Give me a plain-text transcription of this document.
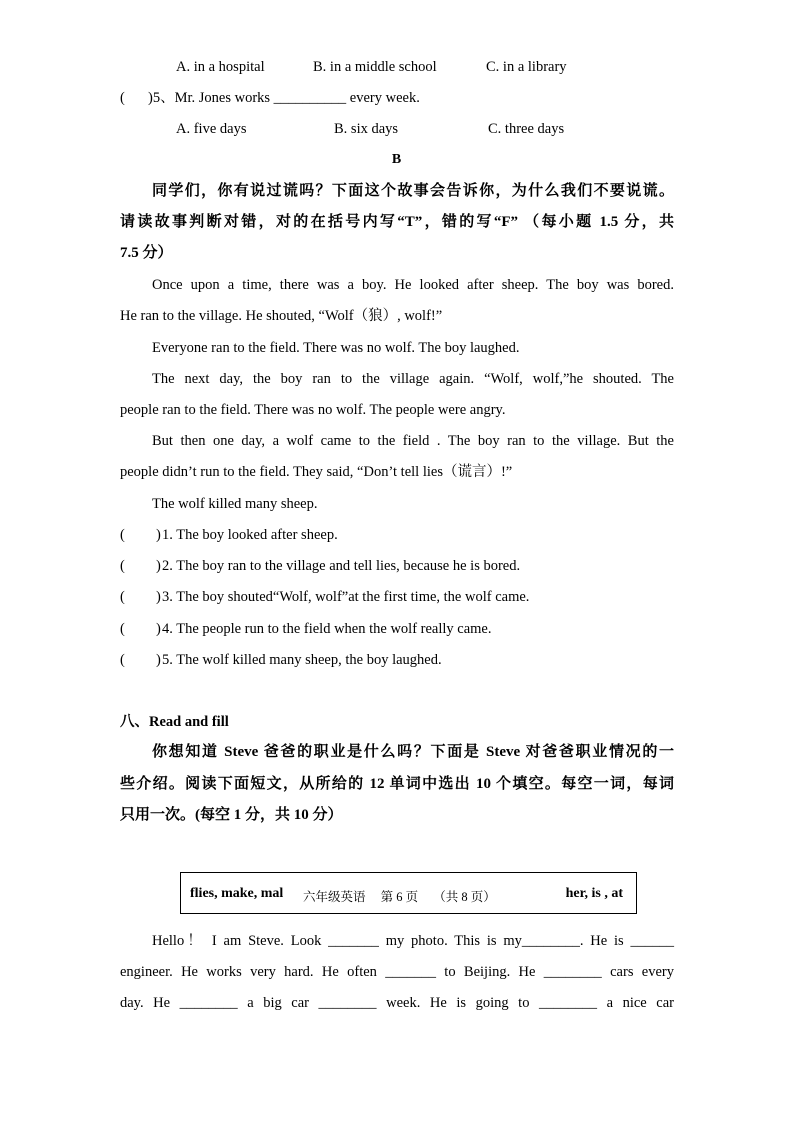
A. in a hospital	B. in a middle school	C. in a library
( )5、Mr. Jones works __________ every week.
A. five days	B. six days	C. three days
B
同学们，你有说过谎吗？下面这个故事会告诉你，为什么我们不要说谎。
请读故事判断对错，对的在括号内写“T”，错的写“F” （每小题 1.5 分，共
7.5 分）
Once upon a time, there was a boy. He looked after sheep. The boy was bored.
He ran to the village. He shouted, “Wolf（狼）, wolf!”
Everyone ran to the field. There was no wolf. The boy laughed.
The next day, the boy ran to the village again. “Wolf, wolf,”he shouted. The
people ran to the field. There was no wolf. The people were angry.
But then one day, a wolf came to the field . The boy ran to the village. But the
people didn’t run to the field. They said, “Don’t tell lies（谎言）!”
The wolf killed many sheep.
( ) 1. The boy looked after sheep.
( ) 2. The boy ran to the village and tell lies, because he is bored.
( ) 3. The boy shouted“Wolf, wolf”at the first time, the wolf came.
( ) 4. The people run to the field when the wolf really came.
( ) 5. The wolf killed many sheep, the boy laughed.
八、Read and fill
你想知道 Steve 爸爸的职业是什么吗？下面是 Steve 对爸爸职业情况的一
些介绍。阅读下面短文，从所给的 12 单词中选出 10 个填空。每空一词，每词
只用一次。(每空 1 分，共 10 分）
flies, make, mal	her, is , at
六年级英语 第 6 页 （共 8 页）
Hello！ I am Steve. Look _______ my photo. This is my________. He is ______
engineer. He works very hard. He often _______ to Beijing. He ________ cars every
day. He ________ a big car ________ week. He is going to ________ a nice car
